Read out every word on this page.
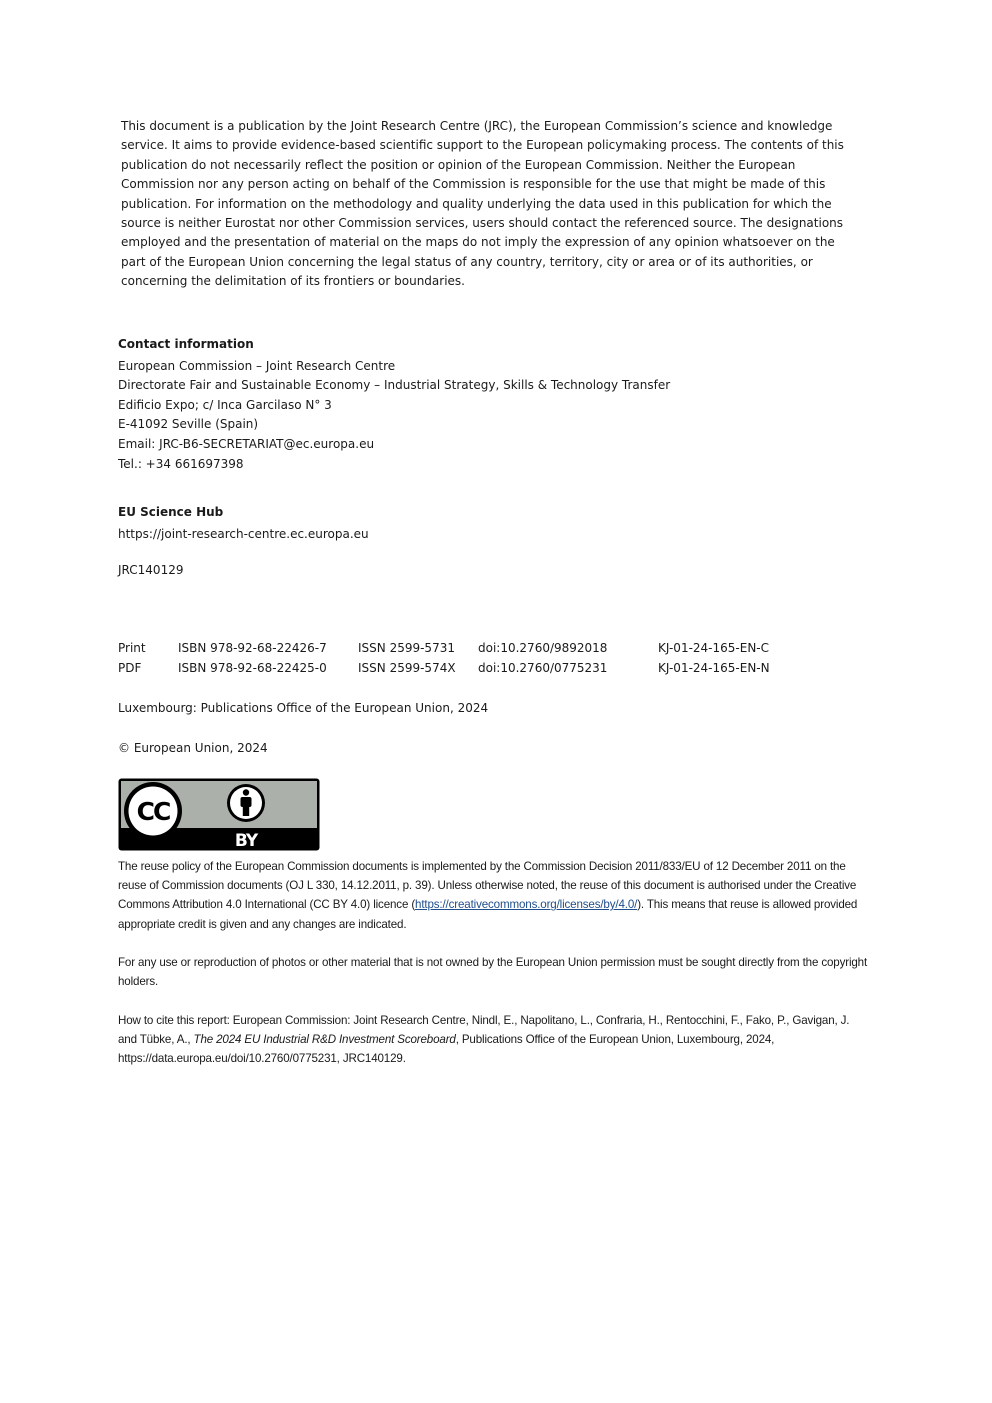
This document is a publication by the Joint Research Centre (JRC), the European Commission’s science and knowledge service. It aims to provide evidence-based scientific support to the European policymaking process. The contents of this publication do not necessarily reflect the position or opinion of the European Commission. Neither the European Commission nor any person acting on behalf of the Commission is responsible for the use that might be made of this publication. For information on the methodology and quality underlying the data used in this publication for which the source is neither Eurostat nor other Commission services, users should contact the referenced source. The designations employed and the presentation of material on the maps do not imply the expression of any opinion whatsoever on the part of the European Union concerning the legal status of any country, territory, city or area or of its authorities, or concerning the delimitation of its frontiers or boundaries.

Contact information
European Commission – Joint Research Centre
Directorate Fair and Sustainable Economy – Industrial Strategy, Skills & Technology Transfer
Edificio Expo; c/ Inca Garcilaso N° 3
E-41092 Seville (Spain)
Email: JRC-B6-SECRETARIAT@ec.europa.eu
Tel.: +34 661697398
EU Science Hub
https://joint-research-centre.ec.europa.eu
JRC140129
Print	ISBN 978-92-68-22426-7	ISSN 2599-5731 doi:10.2760/9892018	KJ-01-24-165-EN-C
PDF	ISBN 978-92-68-22425-0	ISSN 2599-574X doi:10.2760/0775231	KJ-01-24-165-EN-N
Luxembourg: Publications Office of the European Union, 2024
© European Union, 2024
CC
BY

The reuse policy of the European Commission documents is implemented by the Commission Decision 2011/833/EU of 12 December 2011 on the reuse of Commission documents (OJ L 330, 14.12.2011, p. 39). Unless otherwise noted, the reuse of this document is authorised under the Creative Commons Attribution 4.0 International (CC BY 4.0) licence (https://creativecommons.org/licenses/by/4.0/). This means that reuse is allowed provided appropriate credit is given and any changes are indicated.

For any use or reproduction of photos or other material that is not owned by the European Union permission must be sought directly from the copyright holders.

How to cite this report: European Commission: Joint Research Centre, Nindl, E., Napolitano, L., Confraria, H., Rentocchini, F., Fako, P., Gavigan, J. and Tübke, A., The 2024 EU Industrial R&D Investment Scoreboard, Publications Office of the European Union, Luxembourg, 2024, https://data.europa.eu/doi/10.2760/0775231, JRC140129.
